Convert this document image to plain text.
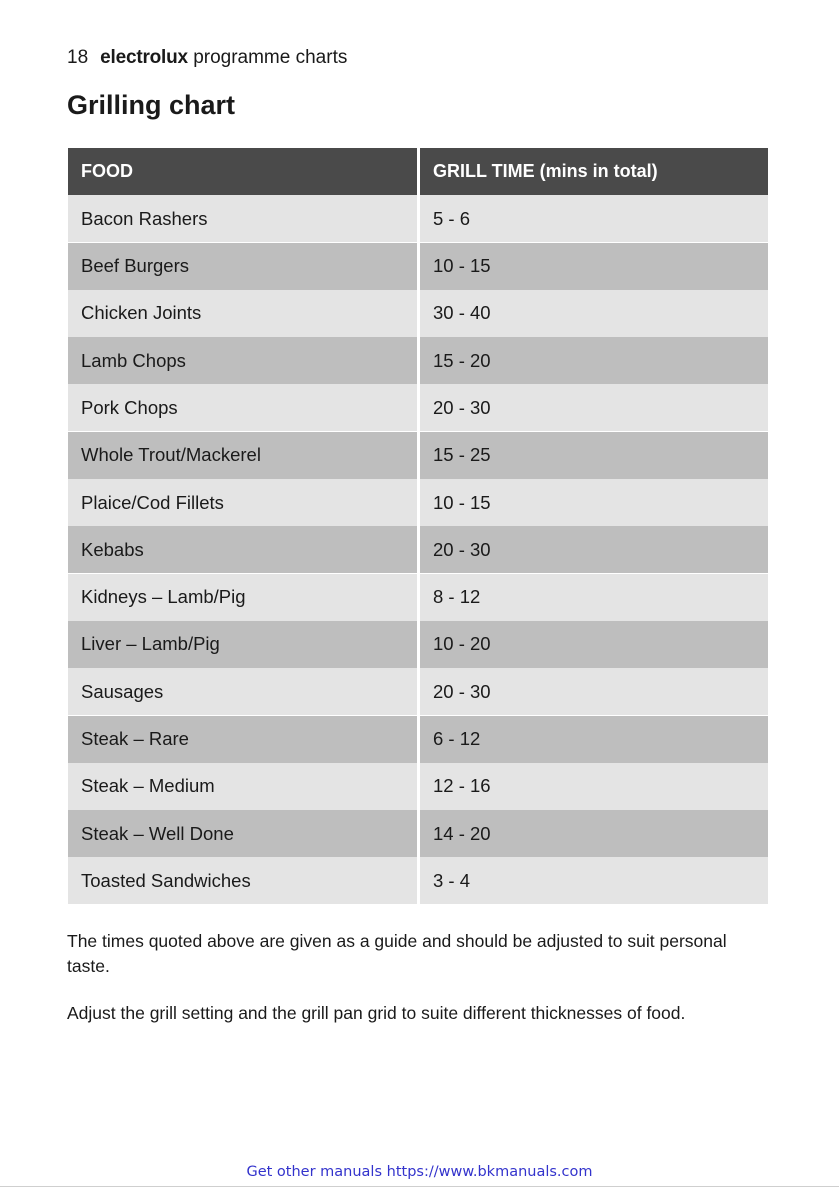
18 electrolux programme charts
Grilling chart
FOOD	GRILL TIME (mins in total)
Bacon Rashers	5 - 6
Beef Burgers	10 - 15
Chicken Joints	30 - 40
Lamb Chops	15 - 20
Pork Chops	20 - 30
Whole Trout/Mackerel	15 - 25
Plaice/Cod Fillets	10 - 15
Kebabs	20 - 30
Kidneys – Lamb/Pig	8 - 12
Liver – Lamb/Pig	10 - 20
Sausages	20 - 30
Steak – Rare	6 - 12
Steak – Medium	12 - 16
Steak – Well Done	14 - 20
Toasted Sandwiches	3 - 4

The times quoted above are given as a guide and should be adjusted to suit personal taste.

Adjust the grill setting and the grill pan grid to suite different thicknesses of food.

Get other manuals https://www.bkmanuals.com
